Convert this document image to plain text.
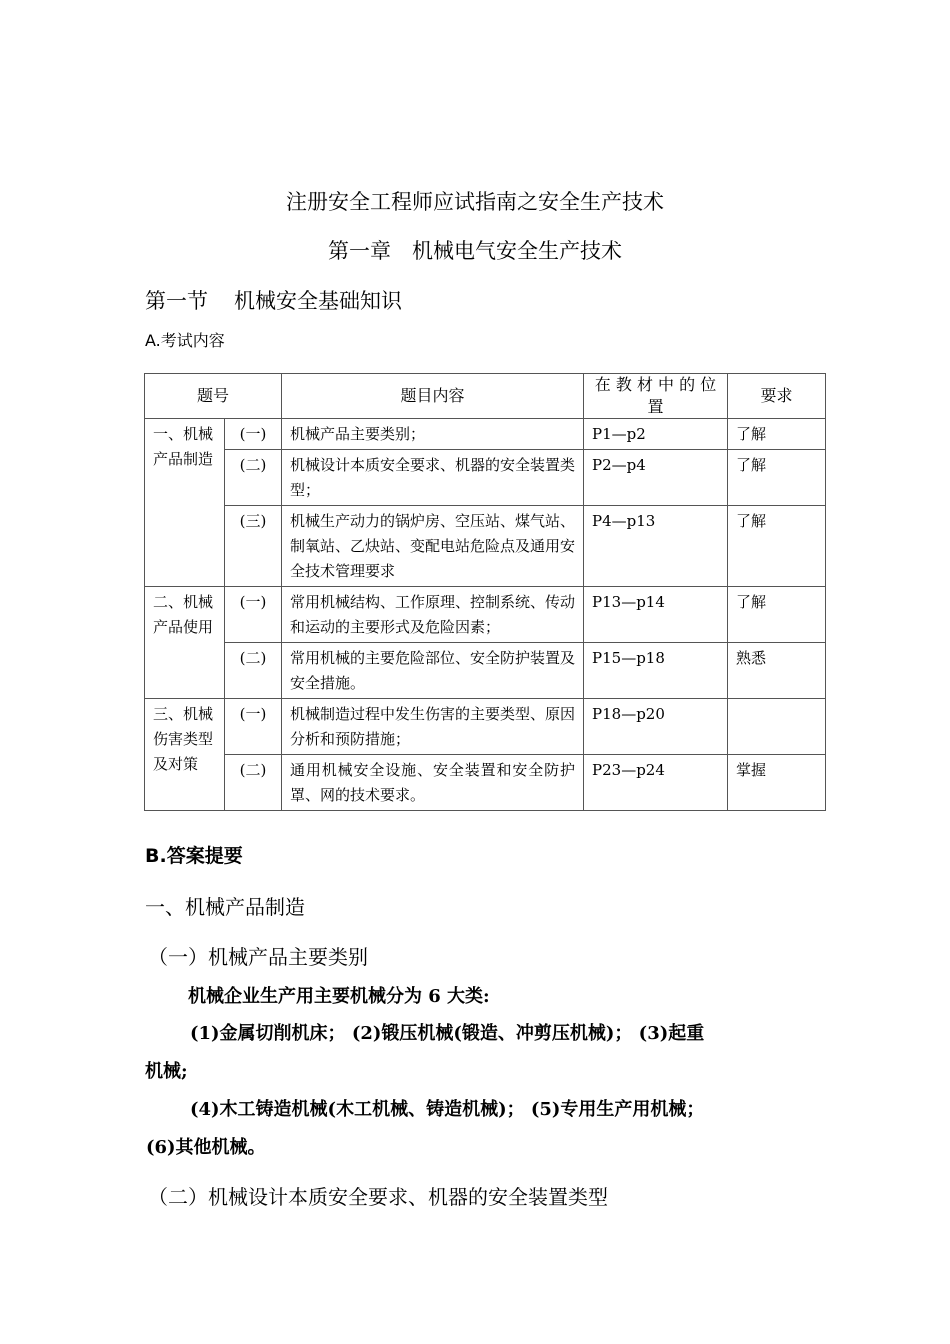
注册安全工程师应试指南之安全生产技术
第一章　机械电气安全生产技术
第一节 机械安全基础知识
A.考试内容
题号		题目内容	在 教 材 中 的 位 置	要求
一、机械产品制造	(一)	机械产品主要类别；	P1—p2	了解
	(二)	机械设计本质安全要求、机器的安全装置类型；	P2—p4	了解
	(三)	机械生产动力的锅炉房、空压站、煤气站、制氧站、乙炔站、变配电站危险点及通用安全技术管理要求	P4—p13	了解
二、机械产品使用	(一)	常用机械结构、工作原理、控制系统、传动和运动的主要形式及危险因素；	P13—p14	了解
	(二)	常用机械的主要危险部位、安全防护装置及安全措施。	P15—p18	熟悉
三、机械伤害类型及对策	(一)	机械制造过程中发生伤害的主要类型、原因分析和预防措施；	P18—p20	
	(二)	通用机械安全设施、安全装置和安全防护罩、网的技术要求。	P23—p24	掌握
B.答案提要
一、机械产品制造
（一）机械产品主要类别
机械企业生产用主要机械分为 6 大类:
(1)金属切削机床； (2)锻压机械(锻造、冲剪压机械)； (3)起重
机械;
(4)木工铸造机械(木工机械、铸造机械)； (5)专用生产用机械；
(6)其他机械。
（二）机械设计本质安全要求、机器的安全装置类型
